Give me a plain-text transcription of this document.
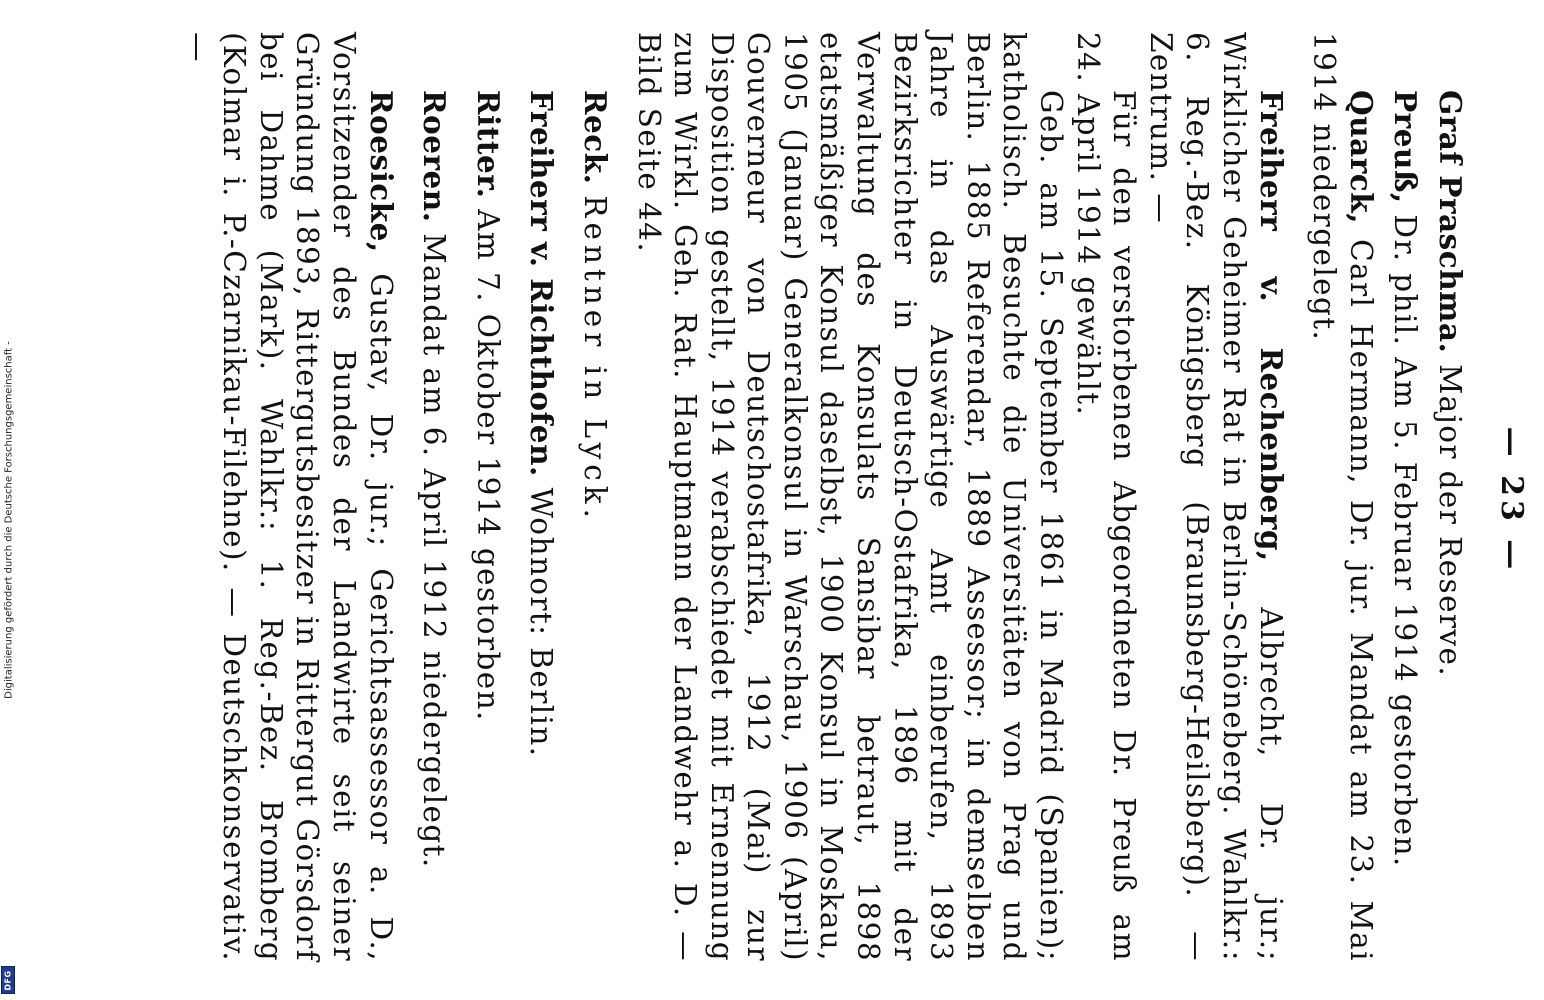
Digitalisierung gefördert durch die Deutsche Forschungsgemeinschaft -
DFG
— 23 —

Graf Praschma. Major der Reserve.

Preuß, Dr. phil. Am 5. Februar 1914 gestorben.

Quarck, Carl Hermann, Dr. jur. Mandat am 23. Mai 1914 niedergelegt.

Freiherr v. Rechenberg, Albrecht, Dr. jur.; Wirklicher Geheimer Rat in Berlin-Schöneberg. Wahlkr.: 6. Reg.-Bez. Königsberg (Braunsberg-Heilsberg). — Zentrum. —
Für den verstorbenen Abgeordneten Dr. Preuß am 24. April 1914 gewählt.
Geb. am 15. September 1861 in Madrid (Spanien); katholisch. Besuchte die Universitäten von Prag und Berlin. 1885 Referendar, 1889 Assessor; in demselben Jahre in das Auswärtige Amt einberufen, 1893 Bezirksrichter in Deutsch-Ostafrika, 1896 mit der Verwaltung des Konsulats Sansibar betraut, 1898 etatsmäßiger Konsul daselbst, 1900 Konsul in Moskau, 1905 (Januar) Generalkonsul in Warschau, 1906 (April) Gouverneur von Deutschostafrika, 1912 (Mai) zur Disposition gestellt, 1914 verabschiedet mit Ernennung zum Wirkl. Geh. Rat. Hauptmann der Landwehr a. D. — Bild Seite 44.

Reck. Rentner in Lyck.

Freiherr v. Richthofen. Wohnort: Berlin.

Ritter. Am 7. Oktober 1914 gestorben.

Roeren. Mandat am 6. April 1912 niedergelegt.

Roesicke, Gustav, Dr. jur.; Gerichtsassessor a. D., Vorsitzender des Bundes der Landwirte seit seiner Gründung 1893, Rittergutsbesitzer in Rittergut Görsdorf bei Dahme (Mark). Wahlkr.: 1. Reg.-Bez. Bromberg (Kolmar i. P.-Czarnikau-Filehne). — Deutschkonservativ. —
